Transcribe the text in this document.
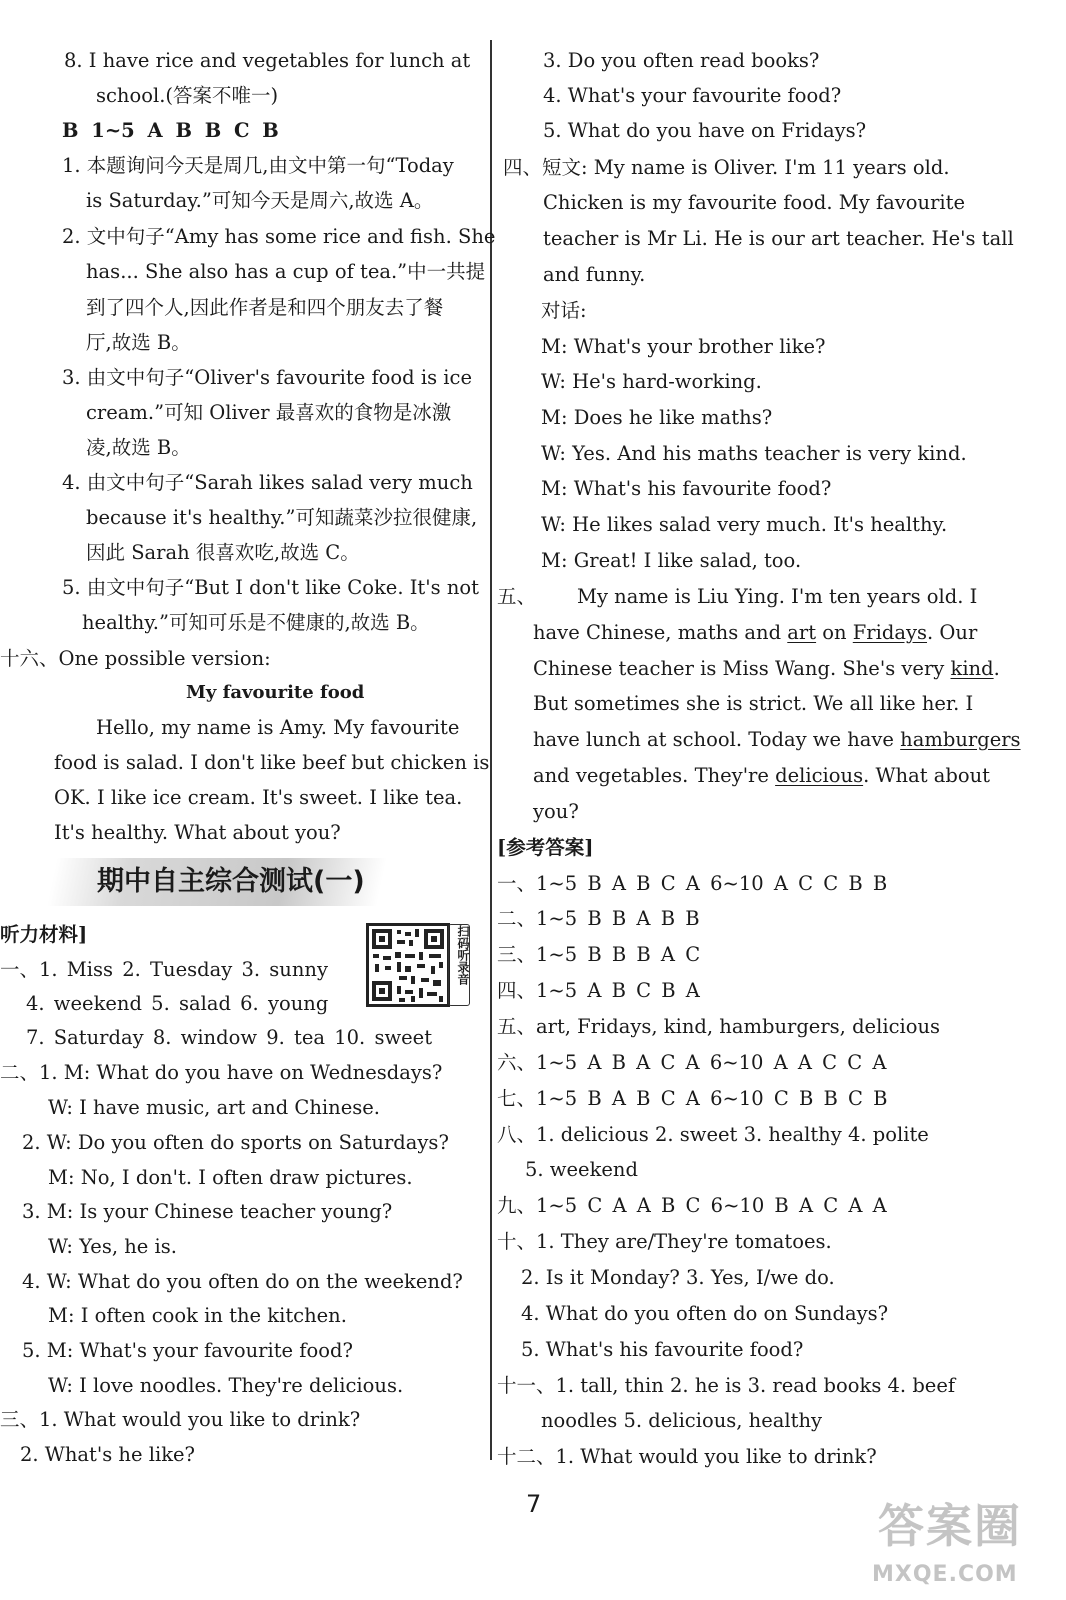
8. I have rice and vegetables for lunch at
school.(答案不唯一)
B 1~5 A B B C B
1. 本题询问今天是周几,由文中第一句“Today
is Saturday.”可知今天是周六,故选 A。
2. 文中句子“Amy has some rice and fish. She
has... She also has a cup of tea.”中一共提
到了四个人,因此作者是和四个朋友去了餐
厅,故选 B。
3. 由文中句子“Oliver's favourite food is ice
cream.”可知 Oliver 最喜欢的食物是冰激
凌,故选 B。
4. 由文中句子“Sarah likes salad very much
because it's healthy.”可知蔬菜沙拉很健康,
因此 Sarah 很喜欢吃,故选 C。
5. 由文中句子“But I don't like Coke. It's not
healthy.”可知可乐是不健康的,故选 B。
十六、One possible version:
My favourite food
Hello, my name is Amy. My favourite
food is salad. I don't like beef but chicken is
OK. I like ice cream. It's sweet. I like tea.
It's healthy. What about you?
期中自主综合测试(一)
扫码听录音
听力材料]
一、1. Miss 2. Tuesday 3. sunny
4. weekend 5. salad 6. young
7. Saturday 8. window 9. tea 10. sweet
二、1. M: What do you have on Wednesdays?
W: I have music, art and Chinese.
2. W: Do you often do sports on Saturdays?
M: No, I don't. I often draw pictures.
3. M: Is your Chinese teacher young?
W: Yes, he is.
4. W: What do you often do on the weekend?
M: I often cook in the kitchen.
5. M: What's your favourite food?
W: I love noodles. They're delicious.
三、1. What would you like to drink?
2. What's he like?
3. Do you often read books?
4. What's your favourite food?
5. What do you have on Fridays?
四、短文: My name is Oliver. I'm 11 years old.
Chicken is my favourite food. My favourite
teacher is Mr Li. He is our art teacher. He's tall
and funny.
对话:
M: What's your brother like?
W: He's hard-working.
M: Does he like maths?
W: Yes. And his maths teacher is very kind.
M: What's his favourite food?
W: He likes salad very much. It's healthy.
M: Great! I like salad, too.
五、 My name is Liu Ying. I'm ten years old. I
have Chinese, maths and art on Fridays. Our
Chinese teacher is Miss Wang. She's very kind.
But sometimes she is strict. We all like her. I
have lunch at school. Today we have hamburgers
and vegetables. They're delicious. What about
you?
[参考答案]
一、1~5 B A B C A 6~10 A C C B B
二、1~5 B B A B B
三、1~5 B B B A C
四、1~5 A B C B A
五、art, Fridays, kind, hamburgers, delicious
六、1~5 A B A C A 6~10 A A C C A
七、1~5 B A B C A 6~10 C B B C B
八、1. delicious 2. sweet 3. healthy 4. polite
5. weekend
九、1~5 C A A B C 6~10 B A C A A
十、1. They are/They're tomatoes.
2. Is it Monday? 3. Yes, I/we do.
4. What do you often do on Sundays?
5. What's his favourite food?
十一、1. tall, thin 2. he is 3. read books 4. beef
noodles 5. delicious, healthy
十二、1. What would you like to drink?
7	答案圈
MXQE.COM
